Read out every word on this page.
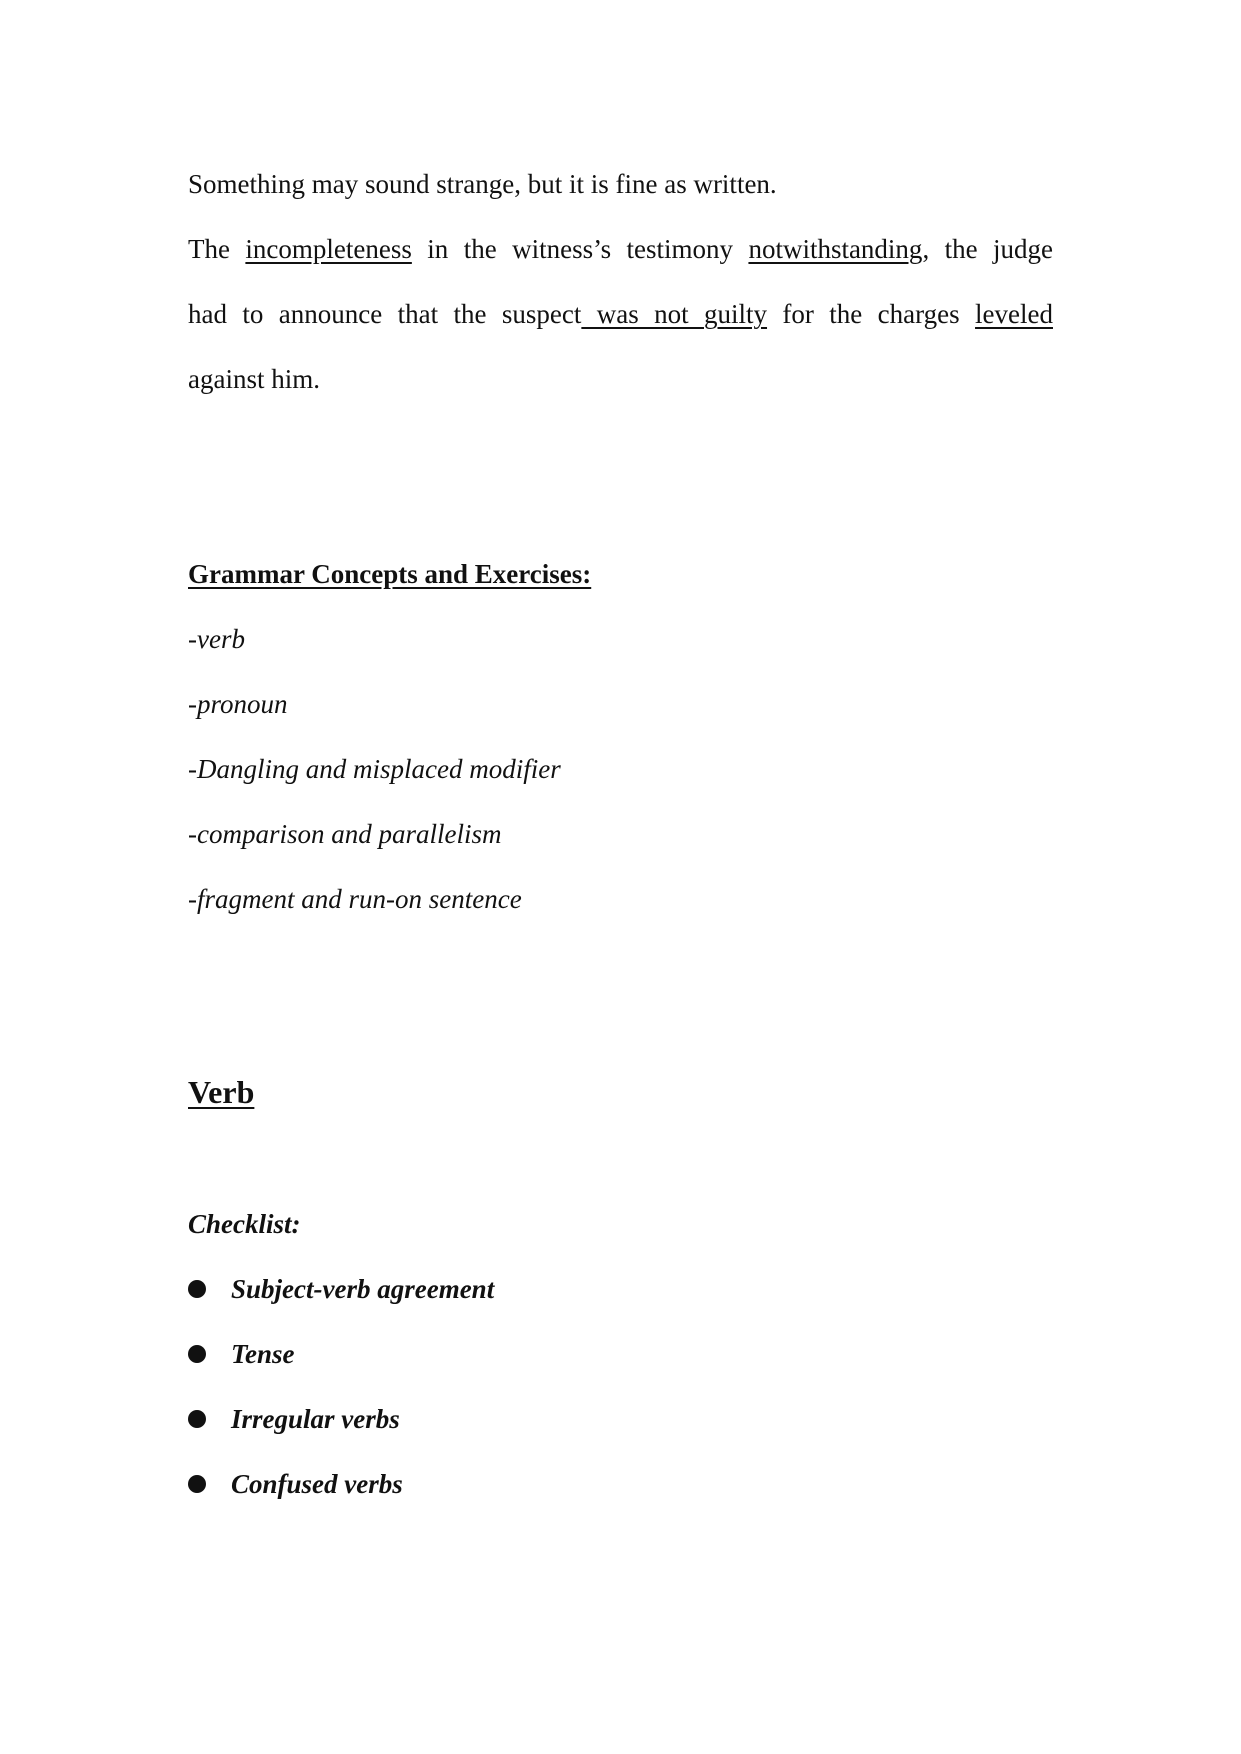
Something may sound strange, but it is fine as written.
The incompleteness in the witness’s testimony notwithstanding, the judge
had to announce that the suspect was not guilty for the charges leveled
against him.
Grammar Concepts and Exercises:
-verb
-pronoun
-Dangling and misplaced modifier
-comparison and parallelism
-fragment and run-on sentence
Verb
Checklist:
Subject-verb agreement
Tense
Irregular verbs
Confused verbs
